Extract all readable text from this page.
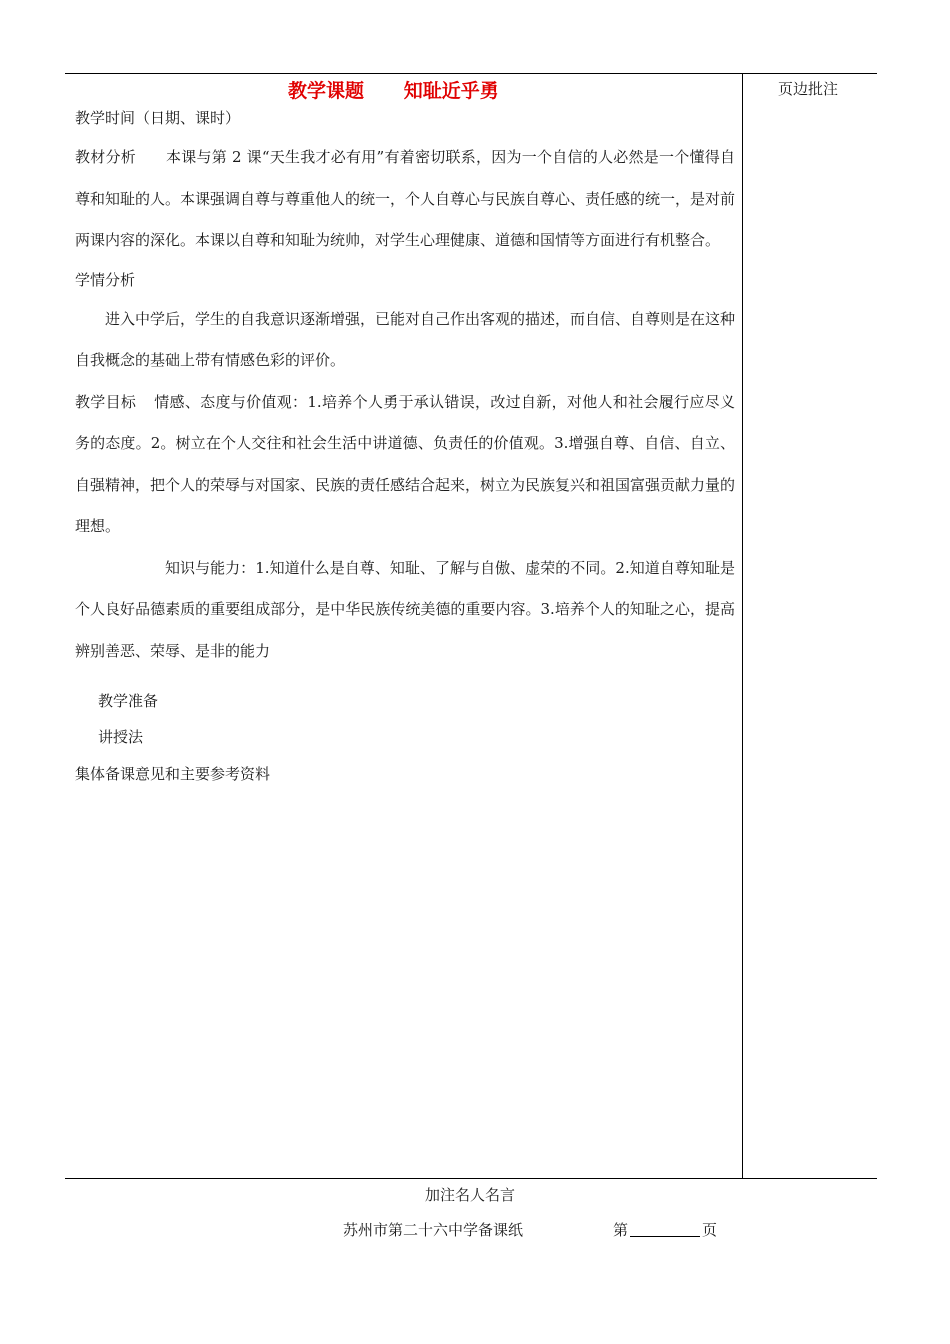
教学课题      知耻近乎勇	页边批注

教学时间（日期、课时）

教材分析 本课与第 2 课“天生我才必有用”有着密切联系，因为一个自信的人必然是一个懂得自尊和知耻的人。本课强调自尊与尊重他人的统一，个人自尊心与民族自尊心、责任感的统一，是对前两课内容的深化。本课以自尊和知耻为统帅，对学生心理健康、道德和国情等方面进行有机整合。

学情分析

进入中学后，学生的自我意识逐渐增强，已能对自己作出客观的描述，而自信、自尊则是在这种自我概念的基础上带有情感色彩的评价。

教学目标 情感、态度与价值观：1.培养个人勇于承认错误，改过自新，对他人和社会履行应尽义务的态度。2。树立在个人交往和社会生活中讲道德、负责任的价值观。3.增强自尊、自信、自立、自强精神，把个人的荣辱与对国家、民族的责任感结合起来，树立为民族复兴和祖国富强贡献力量的理想。

知识与能力：1.知道什么是自尊、知耻、了解与自傲、虚荣的不同。2.知道自尊知耻是个人良好品德素质的重要组成部分，是中华民族传统美德的重要内容。3.培养个人的知耻之心，提高辨别善恶、荣辱、是非的能力

教学准备
讲授法
集体备课意见和主要参考资料
加注名人名言
苏州市第二十六中学备课纸	第	页
